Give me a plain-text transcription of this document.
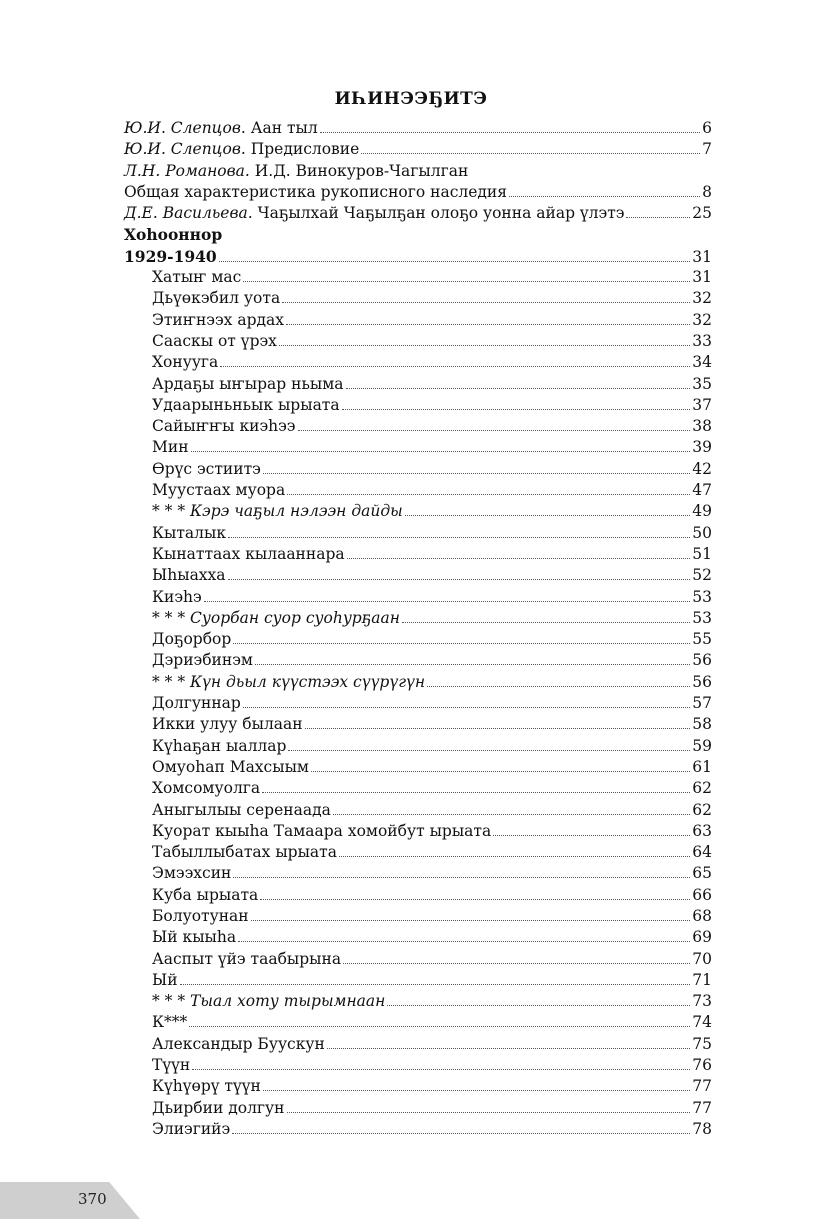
ИҺИНЭЭҔИТЭ
Ю.И. Слепцов. Аан тыл	6
Ю.И. Слепцов. Предисловие	7
Л.Н. Романова. И.Д. Винокуров-Чагылган
Общая характеристика рукописного наследия	8
Д.Е. Васильева. Чаҕылхай Чаҕылҕан олоҕо уонна айар үлэтэ	25
Хоһооннор
1929-1940	31
Хатыҥ мас	31
Дьүөкэбил уота	32
Этиҥнээх ардах	32
Сааскы от үрэх	33
Хонууга	34
Ардаҕы ыҥырар ньыма	35
Удаарыньньык ырыата	37
Сайыҥҥы киэһээ	38
Мин	39
Өрүс эстиитэ	42
Муустаах муора	47
* * * Кэрэ чаҕыл нэлээн дайды	49
Кыталык	50
Кынаттаах кылааннара	51
Ыһыахха	52
Киэһэ	53
* * * Суорбан суор суоһурҕаан	53
Доҕорбор	55
Дэриэбинэм	56
* * * Күн дьыл күүстээх сүүрүгүн	56
Долгуннар	57
Икки улуу былаан	58
Күһаҕан ыаллар	59
Омуоһап Махсыым	61
Хомсомуолга	62
Аныгылыы серенаада	62
Куорат кыыһа Тамаара хомойбут ырыата	63
Табыллыбатах ырыата	64
Эмээхсин	65
Куба ырыата	66
Болуотунан	68
Ый кыыһа	69
Ааспыт үйэ таабырына	70
Ый	71
* * * Тыал хоту тырымнаан	73
К***	74
Александыр Буускун	75
Түүн	76
Күһүөрү түүн	77
Дьирбии долгун	77
Элиэгийэ	78
370
